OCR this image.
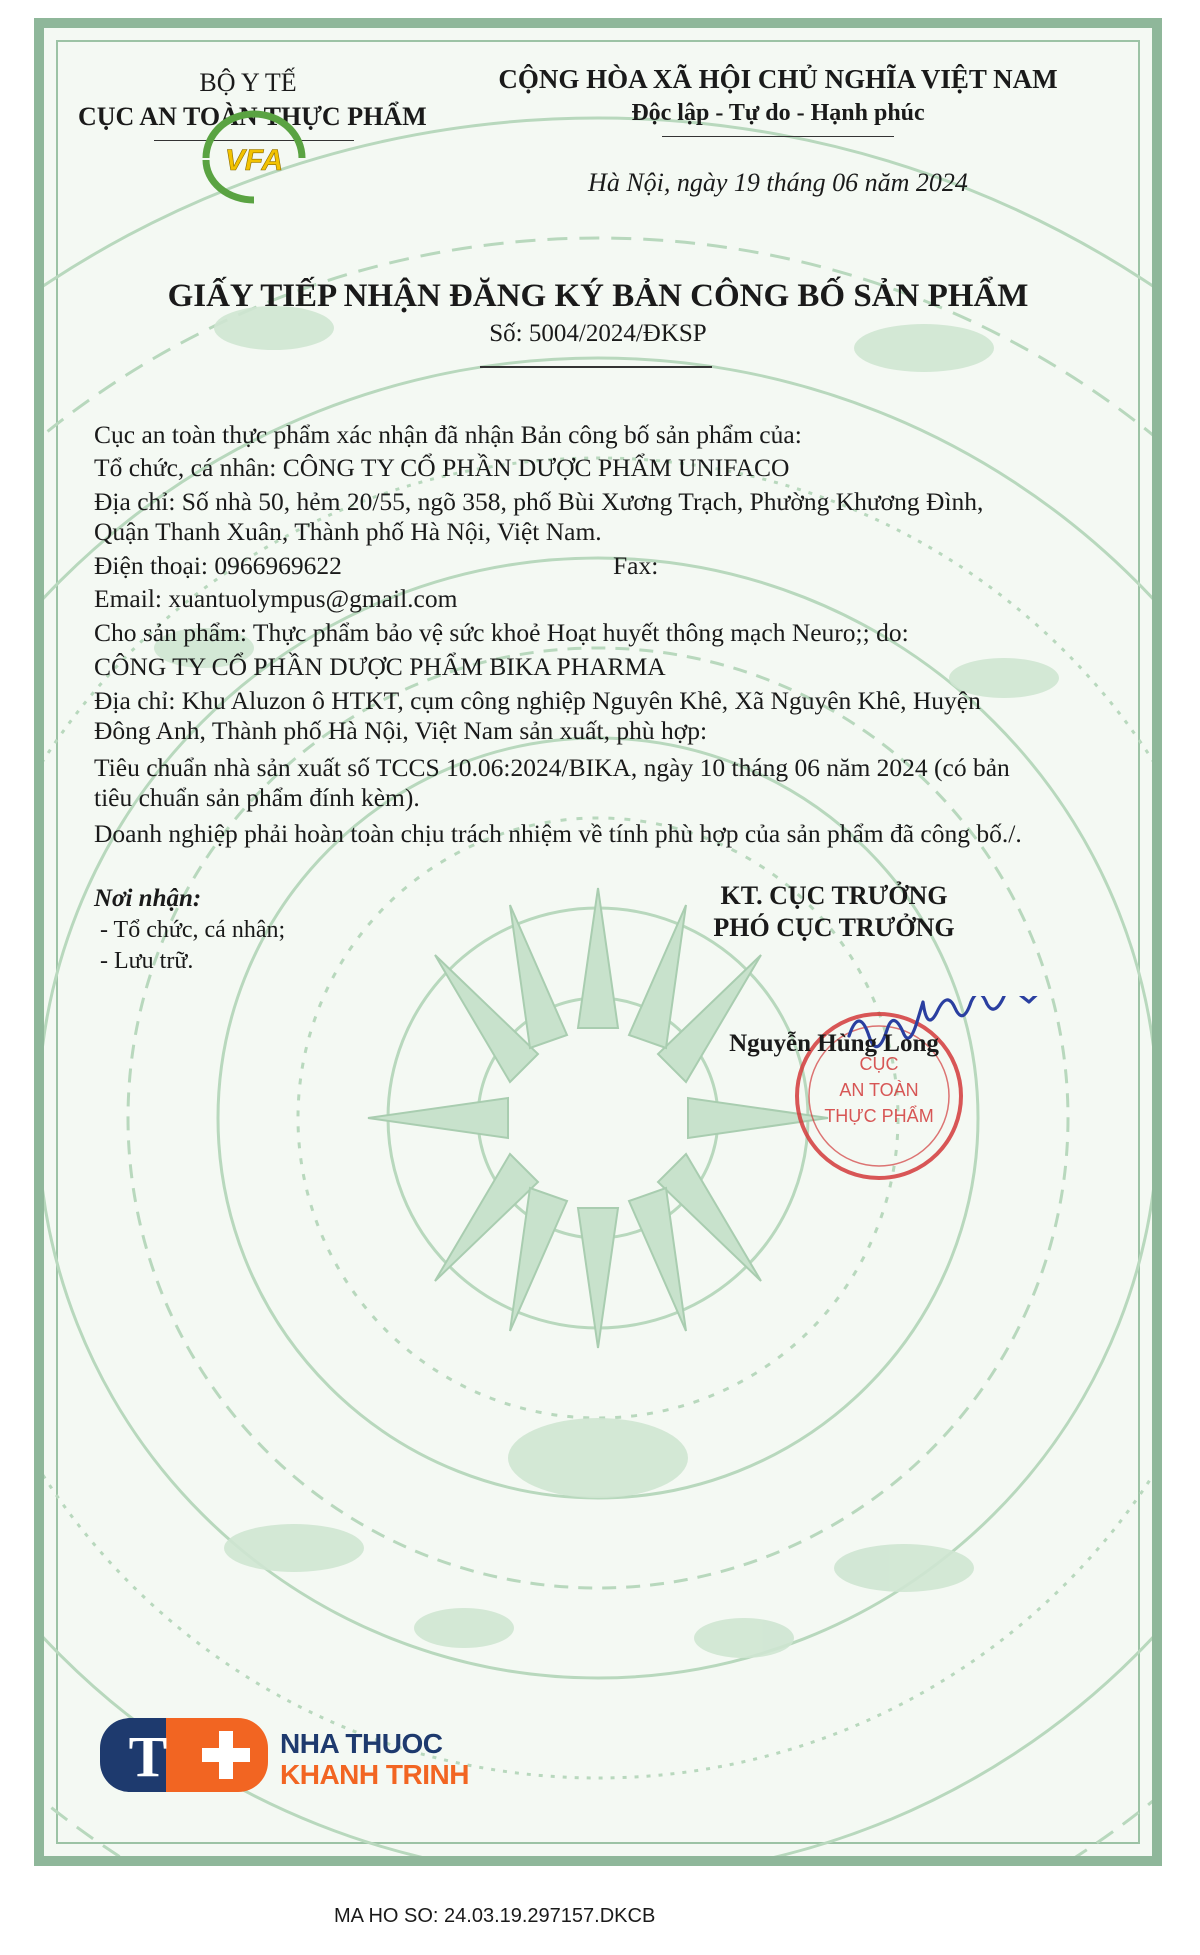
BỘ Y TẾ
CỤC AN TOÀN THỰC PHẨM
VFA
CỘNG HÒA XÃ HỘI CHỦ NGHĨA VIỆT NAM
Độc lập - Tự do - Hạnh phúc
Hà Nội, ngày 19 tháng 06 năm 2024
GIẤY TIẾP NHẬN ĐĂNG KÝ BẢN CÔNG BỐ SẢN PHẨM
Số: 5004/2024/ĐKSP
Cục an toàn thực phẩm xác nhận đã nhận Bản công bố sản phẩm của:
Tổ chức, cá nhân: CÔNG TY CỔ PHẦN DƯỢC PHẨM UNIFACO
Địa chỉ: Số nhà 50, hẻm 20/55, ngõ 358, phố Bùi Xương Trạch, Phường Khương Đình,
Quận Thanh Xuân, Thành phố Hà Nội, Việt Nam.
Điện thoại: 0966969622	Fax:
Email: xuantuolympus@gmail.com
Cho sản phẩm: Thực phẩm bảo vệ sức khoẻ Hoạt huyết thông mạch Neuro;; do:
CÔNG TY CỔ PHẦN DƯỢC PHẨM BIKA PHARMA
Địa chỉ: Khu Aluzon ô HTKT, cụm công nghiệp Nguyên Khê, Xã Nguyên Khê, Huyện
Đông Anh, Thành phố Hà Nội, Việt Nam sản xuất, phù hợp:
Tiêu chuẩn nhà sản xuất số TCCS 10.06:2024/BIKA, ngày 10 tháng 06 năm 2024 (có bản
tiêu chuẩn sản phẩm đính kèm).
Doanh nghiệp phải hoàn toàn chịu trách nhiệm về tính phù hợp của sản phẩm đã công bố./.
Nơi nhận:
- Tổ chức, cá nhân;
- Lưu trữ.
KT. CỤC TRƯỞNG
PHÓ CỤC TRƯỞNG
CỤC
AN TOÀN
THỰC PHẨM
Nguyễn Hùng Long
T	NHA THUOC
KHANH TRINH
MA HO SO: 24.03.19.297157.DKCB
